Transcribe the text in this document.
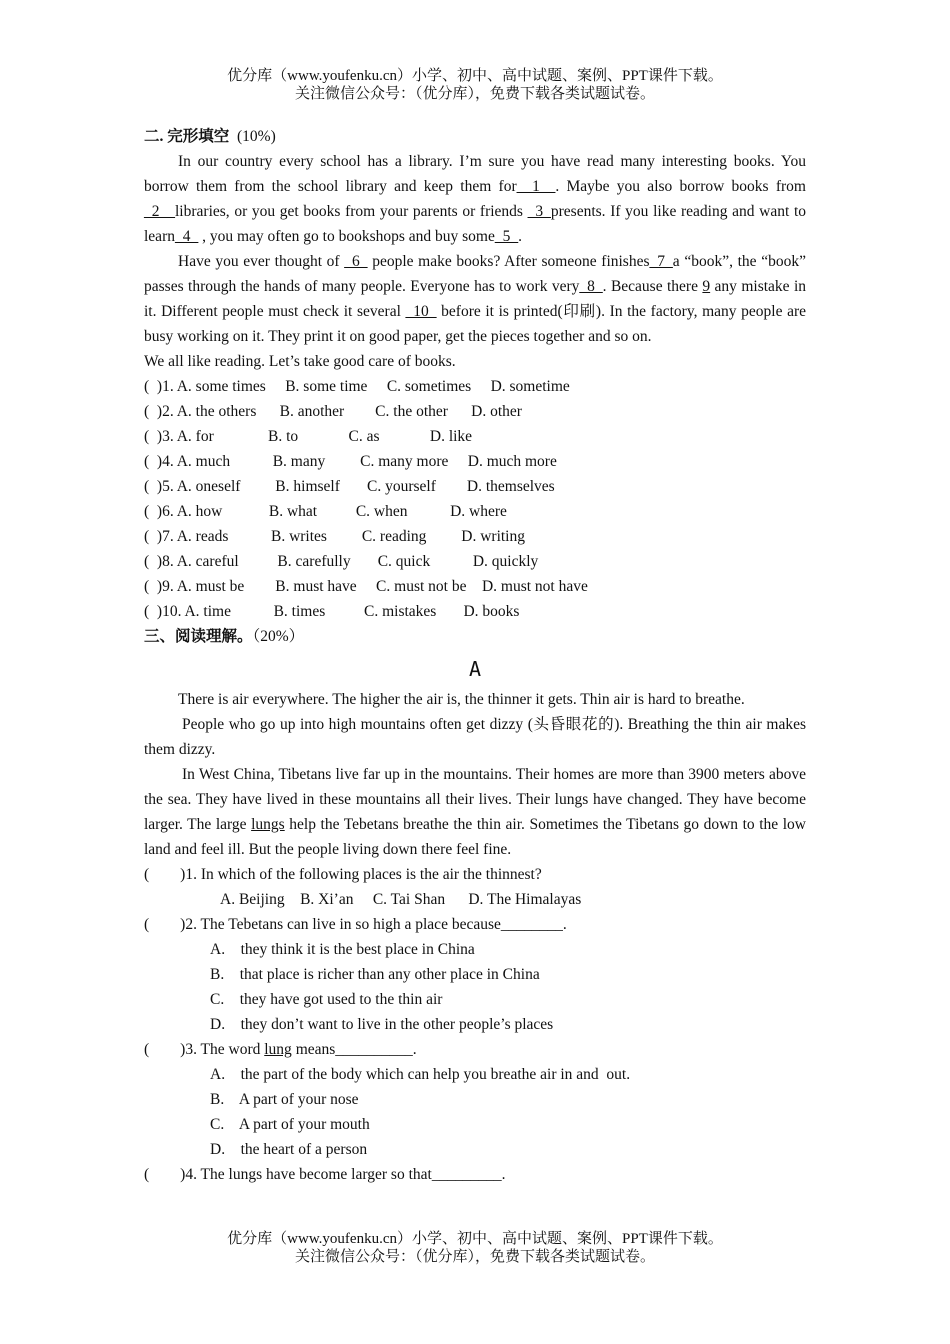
优分库（www.youfenku.cn）小学、初中、高中试题、案例、PPT课件下载。
关注微信公众号：（优分库），免费下载各类试题试卷。
二. 完形填空 (10%)
In our country every school has a library. I’m sure you have read many interesting books. You borrow them from the school library and keep them for__1__. Maybe you also borrow books from _2__libraries, or you get books from your parents or friends _3_presents. If you like reading and want to learn_4_ , you may often go to bookshops and buy some_5_.
Have you ever thought of _6_ people make books? After someone finishes_7_a “book”, the “book” passes through the hands of many people. Everyone has to work very_8_. Because there 9 any mistake in it. Different people must check it several _10_ before it is printed(印刷). In the factory, many people are busy working on it. They print it on good paper, get the pieces together and so on.
We all like reading. Let’s take good care of books.
(  )1. A. some times     B. some time     C. sometimes     D. sometime
(  )2. A. the others      B. another        C. the other      D. other
(  )3. A. for              B. to             C. as             D. like
(  )4. A. much           B. many         C. many more     D. much more
(  )5. A. oneself         B. himself       C. yourself        D. themselves
(  )6. A. how            B. what          C. when           D. where
(  )7. A. reads           B. writes         C. reading         D. writing
(  )8. A. careful          B. carefully       C. quick           D. quickly
(  )9. A. must be        B. must have     C. must not be    D. must not have
(  )10. A. time           B. times          C. mistakes       D. books
三、阅读理解。（20%）
A
There is air everywhere. The higher the air is, the thinner it gets. Thin air is hard to breathe.
People who go up into high mountains often get dizzy (头昏眼花的). Breathing the thin air makes them dizzy.
In West China, Tibetans live far up in the mountains. Their homes are more than 3900 meters above the sea. They have lived in these mountains all their lives. Their lungs have changed. They have become larger. The large lungs help the Tebetans breathe the thin air. Sometimes the Tibetans go down to the low land and feel ill. But the people living down there feel fine.
(        )1. In which of the following places is the air the thinnest?
A. Beijing    B. Xi’an     C. Tai Shan      D. The Himalayas
(        )2. The Tebetans can live in so high a place because________.
A.    they think it is the best place in China
B.    that place is richer than any other place in China
C.    they have got used to the thin air
D.    they don’t want to live in the other people’s places
(        )3. The word lung means__________.
A.    the part of the body which can help you breathe air in and  out.
B.    A part of your nose
C.    A part of your mouth
D.    the heart of a person
(        )4. The lungs have become larger so that_________.
优分库（www.youfenku.cn）小学、初中、高中试题、案例、PPT课件下载。
关注微信公众号：（优分库），免费下载各类试题试卷。
